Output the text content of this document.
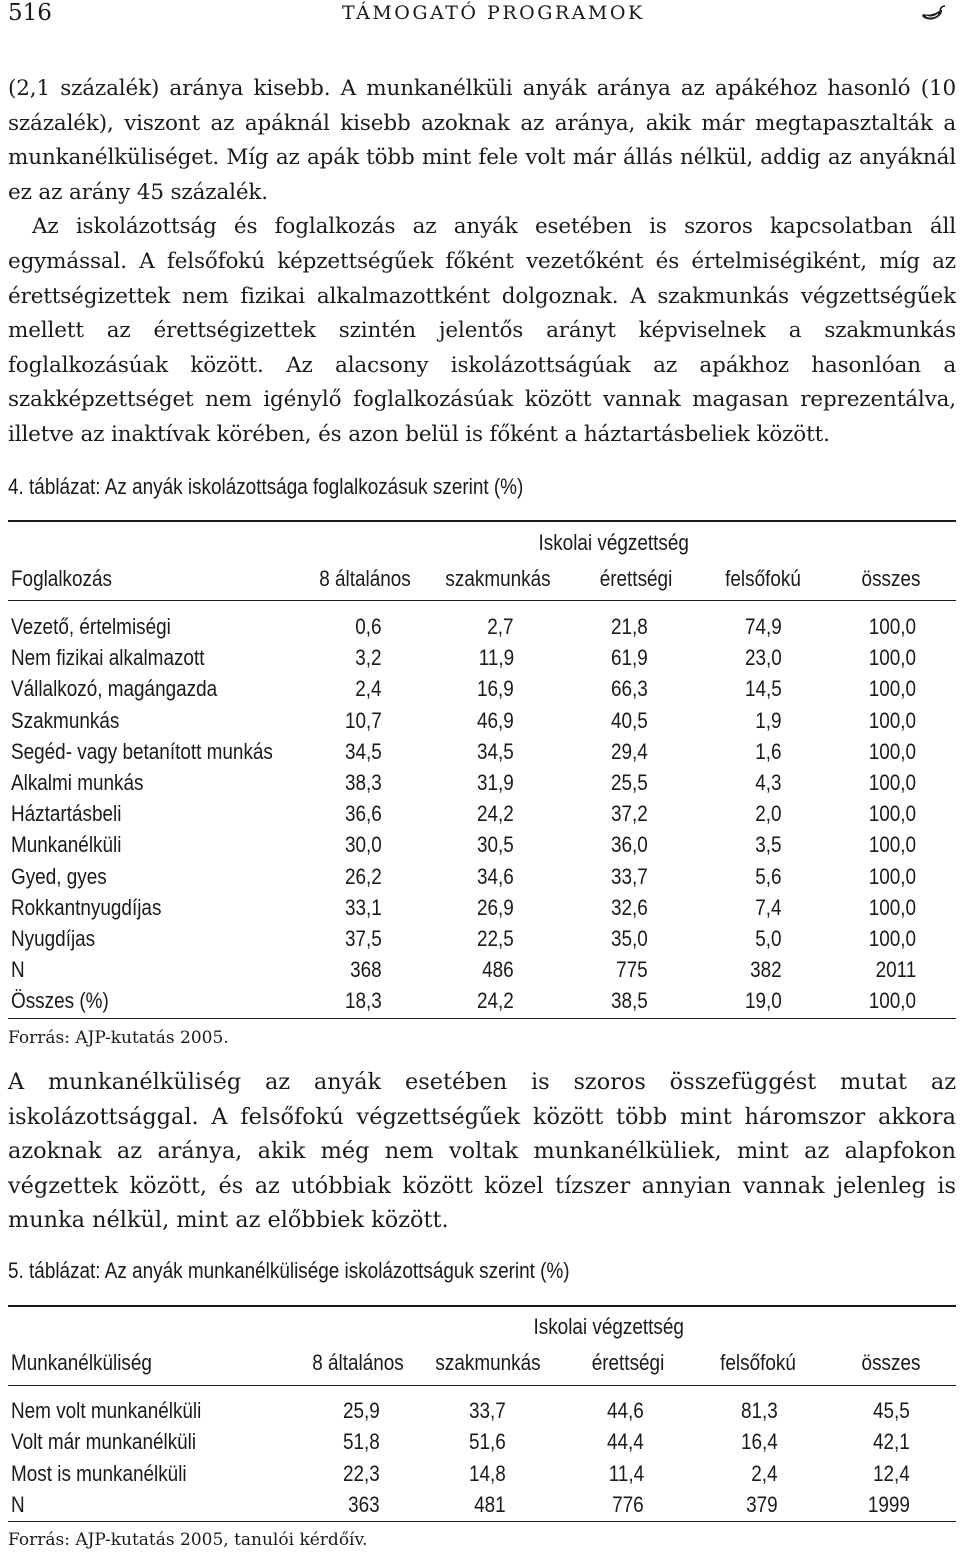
516	TÁMOGATÓ PROGRAMOK

(2,1 százalék) aránya kisebb. A munkanélküli anyák aránya az apákéhoz hasonló (10 százalék), viszont az apáknál kisebb azoknak az aránya, akik már megtapasztalták a munkanélküliséget. Míg az apák több mint fele volt már állás nélkül, addig az anyáknál ez az arány 45 százalék.

Az iskolázottság és foglalkozás az anyák esetében is szoros kapcsolatban áll egymással. A felsőfokú képzettségűek főként vezetőként és értelmiségiként, míg az érettségizettek nem fizikai alkalmazottként dolgoznak. A szakmunkás végzettségűek mellett az érettségizettek szintén jelentős arányt képviselnek a szakmunkás foglalkozásúak között. Az alacsony iskolázottságúak az apákhoz hasonlóan a szakképzettséget nem igénylő foglalkozásúak között vannak magasan reprezentálva, illetve az inaktívak körében, és azon belül is főként a háztartásbeliek között.

4. táblázat: Az anyák iskolázottsága foglalkozásuk szerint (%)
Iskolai végzettség
Foglalkozás	8 általános	szakmunkás	érettségi	felsőfokú	összes
Vezető, értelmiségi	0,6	2,7	21,8	74,9	100,0
Nem fizikai alkalmazott	3,2	11,9	61,9	23,0	100,0
Vállalkozó, magángazda	2,4	16,9	66,3	14,5	100,0
Szakmunkás	10,7	46,9	40,5	1,9	100,0
Segéd- vagy betanított munkás	34,5	34,5	29,4	1,6	100,0
Alkalmi munkás	38,3	31,9	25,5	4,3	100,0
Háztartásbeli	36,6	24,2	37,2	2,0	100,0
Munkanélküli	30,0	30,5	36,0	3,5	100,0
Gyed, gyes	26,2	34,6	33,7	5,6	100,0
Rokkantnyugdíjas	33,1	26,9	32,6	7,4	100,0
Nyugdíjas	37,5	22,5	35,0	5,0	100,0
N	368	486	775	382	2011
Összes (%)	18,3	24,2	38,5	19,0	100,0
Forrás: AJP-kutatás 2005.

A munkanélküliség az anyák esetében is szoros összefüggést mutat az iskolázottsággal. A felsőfokú végzettségűek között több mint háromszor akkora azoknak az aránya, akik még nem voltak munkanélküliek, mint az alapfokon végzettek között, és az utóbbiak között közel tízszer annyian vannak jelenleg is munka nélkül, mint az előbbiek között.

5. táblázat: Az anyák munkanélkülisége iskolázottságuk szerint (%)
Iskolai végzettség
Munkanélküliség	8 általános	szakmunkás	érettségi	felsőfokú	összes
Nem volt munkanélküli	25,9	33,7	44,6	81,3	45,5
Volt már munkanélküli	51,8	51,6	44,4	16,4	42,1
Most is munkanélküli	22,3	14,8	11,4	2,4	12,4
N	363	481	776	379	1999
Forrás: AJP-kutatás 2005, tanulói kérdőív.
